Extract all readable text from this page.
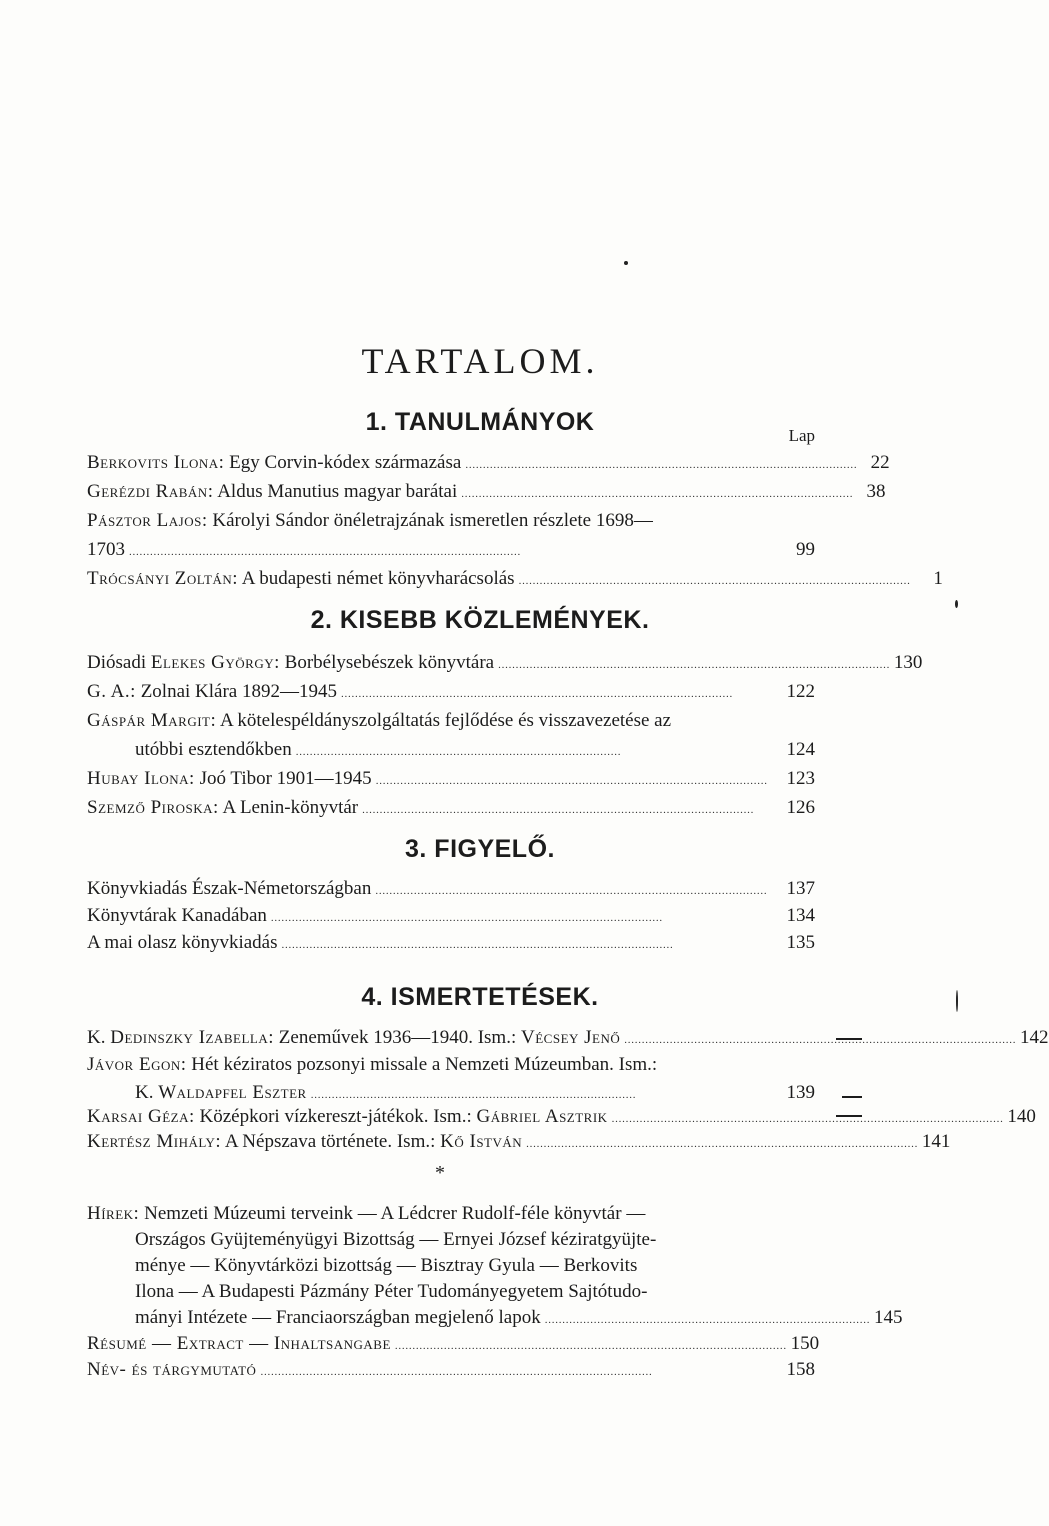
TARTALOM.
1. TANULMÁNYOK	Lap
Berkovits Ilona: Egy Corvin-kódex származása . . .	22
Gerézdi Rabán: Aldus Manutius magyar barátai . . .	38
Pásztor Lajos: Károlyi Sándor önéletrajzának ismeretlen részlete 1698—
1703 . . .	99
Trócsányi Zoltán: A budapesti német könyvharácsolás . . .	1
2. KISEBB KÖZLEMÉNYEK.
Diósadi Elekes György: Borbélysebészek könyvtára . . .	130
G. A.: Zolnai Klára 1892—1945 . . .	122
Gáspár Margit: A kötelespéldányszolgáltatás fejlődése és visszavezetése az
utóbbi esztendőkben . . .	124
Hubay Ilona: Joó Tibor 1901—1945 . . .	123
Szemző Piroska: A Lenin-könyvtár . . .	126
3. FIGYELŐ.
Könyvkiadás Észak-Németországban . . .	137
Könyvtárak Kanadában . . .	134
A mai olasz könyvkiadás . . .	135
4. ISMERTETÉSEK.
K. Dedinszky Izabella: Zeneművek 1936—1940. Ism.: Vécsey Jenő . . .	142
Jávor Egon: Hét kéziratos pozsonyi missale a Nemzeti Múzeumban. Ism.:
K. Waldapfel Eszter . . .	139
Karsai Géza: Középkori vízkereszt-játékok. Ism.: Gábriel Asztrik . . .	140
Kertész Mihály: A Népszava története. Ism.: Kő István . . .	141
*
Hírek: Nemzeti Múzeumi terveink — A Lédcrer Rudolf-féle könyvtár —
Országos Gyüjteményügyi Bizottság — Ernyei József kéziratgyüjte-
ménye — Könyvtárközi bizottság — Bisztray Gyula — Berkovits
Ilona — A Budapesti Pázmány Péter Tudományegyetem Sajtótudo-
mányi Intézete — Franciaországban megjelenő lapok . . .	145
Résumé — Extract — Inhaltsangabe . . .	150
Név- és tárgymutató . . .	158
